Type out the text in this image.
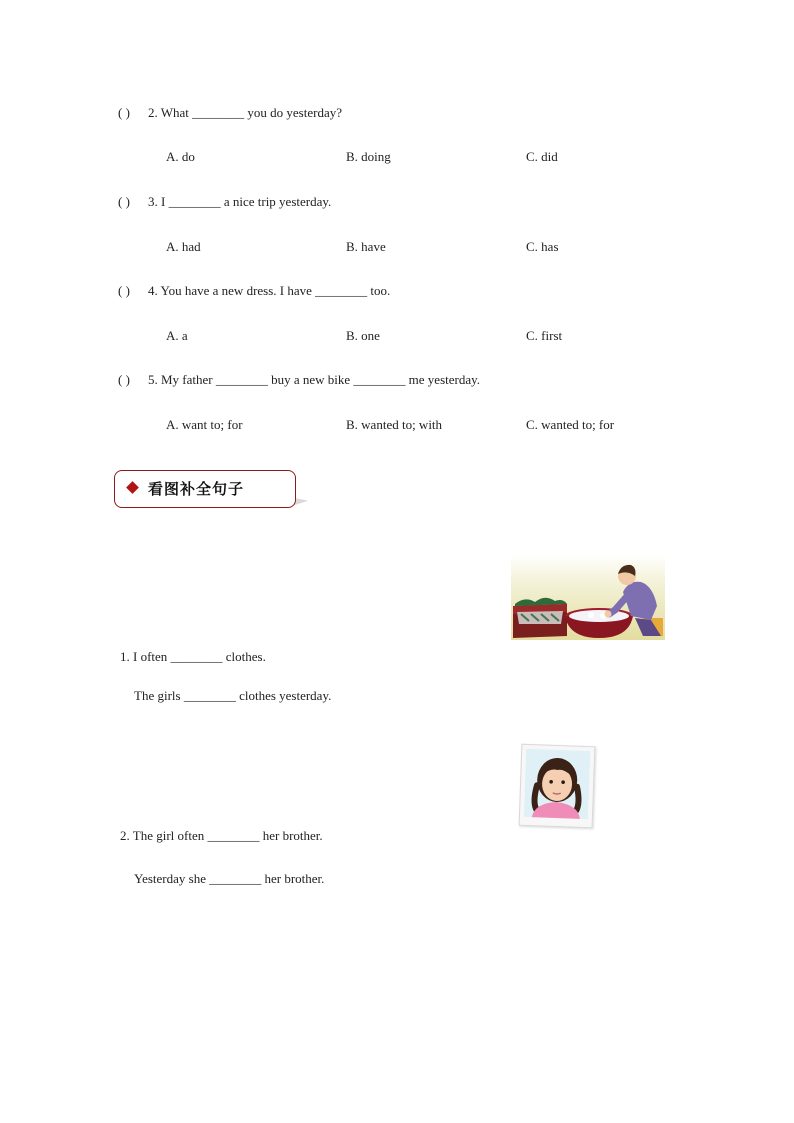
( ) 2. What ________ you do yesterday?
A. do	B. doing	C. did
( ) 3. I ________ a nice trip yesterday.
A. had	B. have	C. has
( ) 4. You have a new dress. I have ________ too.
A. a	B. one	C. first
( ) 5. My father ________ buy a new bike ________ me yesterday.
A. want to; for	B. wanted to; with	C. wanted to; for
看图补全句子
1. I often ________ clothes.
The girls ________ clothes yesterday.
2. The girl often ________ her brother.
Yesterday she ________ her brother.
